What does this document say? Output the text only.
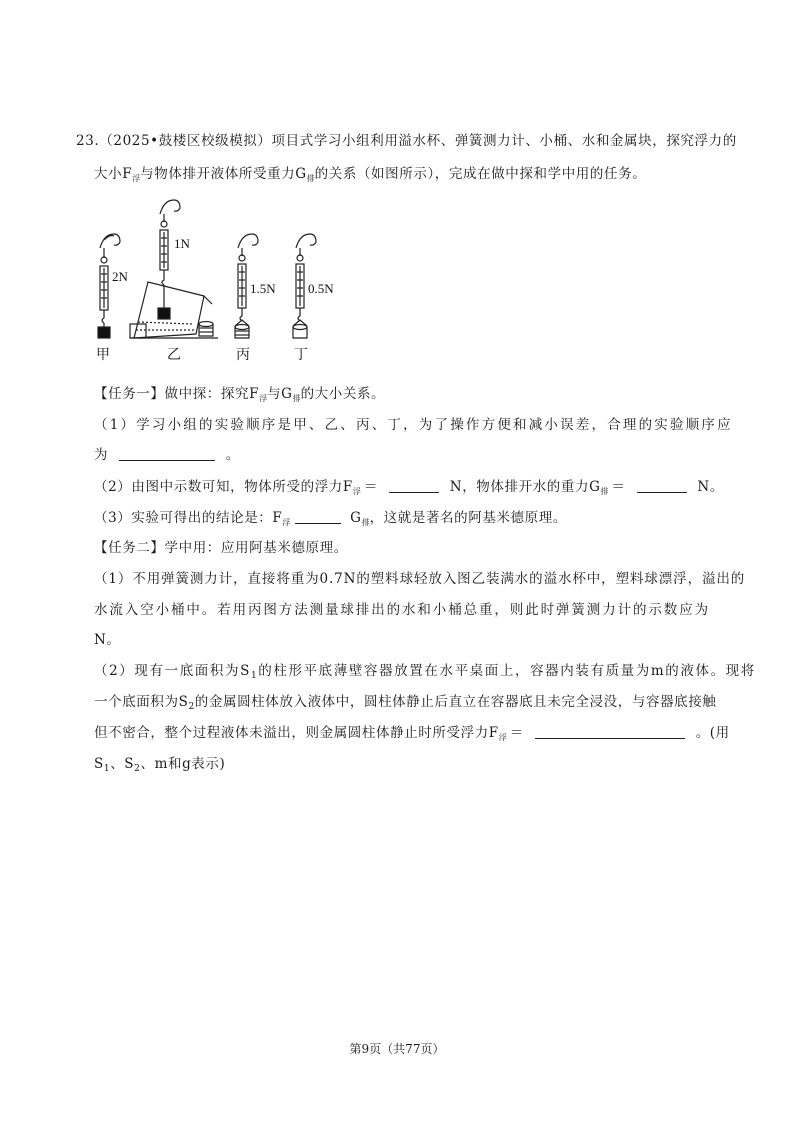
23.（2025•鼓楼区校级模拟）项目式学习小组利用溢水杯、弹簧测力计、小桶、水和金属块，探究浮力的
大小$F_浮$与物体排开液体所受重力$G_排$的关系（如图所示），完成在做中探和学中用的任务。
2N
1N
1.5N 0.5N
甲	乙	丙	丁
【任务一】做中探：探究$F_浮$与$G_排$的大小关系。
（1）学习小组的实验顺序是甲、乙、丙、丁，为了操作方便和减小误差，合理的实验顺序应
为	。
（2）由图中示数可知，物体所受的浮力$F_浮$ ＝	N，物体排开水的重力$G_排$ ＝	N。
（3）实验可得出的结论是：$F_浮$	$G_排$，这就是著名的阿基米德原理。
【任务二】学中用：应用阿基米德原理。
（1）不用弹簧测力计，直接将重为0.7N的塑料球轻放入图乙装满水的溢水杯中，塑料球漂浮，溢出的
水流入空小桶中。若用丙图方法测量球排出的水和小桶总重，则此时弹簧测力计的示数应为
N。
（2）现有一底面积为$S_1$的柱形平底薄壁容器放置在水平桌面上，容器内装有质量为m的液体。现将
一个底面积为$S_2$的金属圆柱体放入液体中，圆柱体静止后直立在容器底且未完全浸没，与容器底接触
但不密合，整个过程液体未溢出，则金属圆柱体静止时所受浮力$F_浮$ ＝	。(用
$S_1$、$S_2$、m和g表示)
第9页（共77页）
